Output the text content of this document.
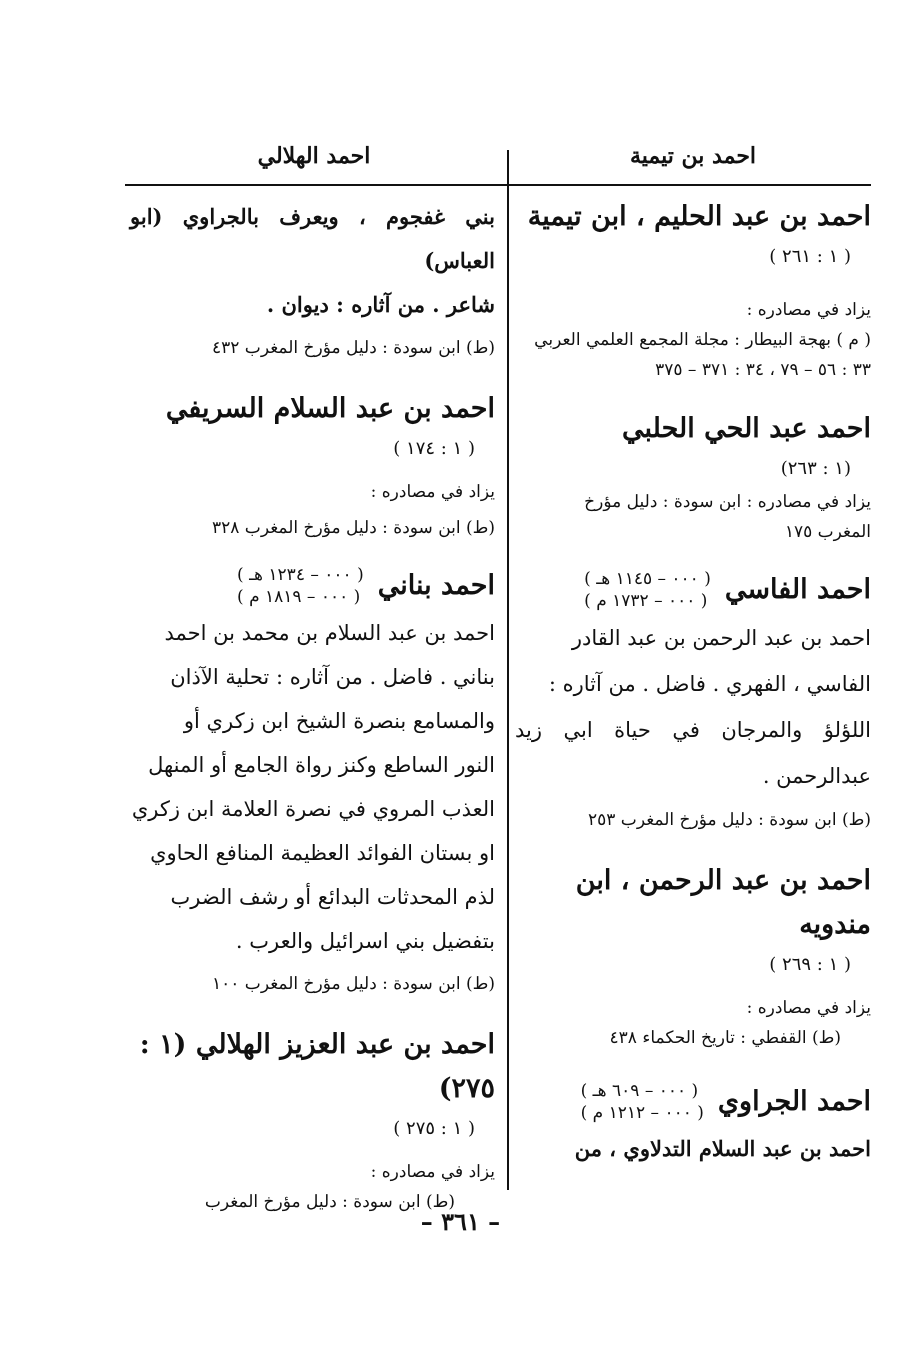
احمد بن تيمية
احمد الهلالي

احمد بن عبد الحليم ، ابن تيمية

( ١ : ٢٦١ )

يزاد في مصادره :

( م ) بهجة البيطار : مجلة المجمع العلمي العربي

٣٣ : ٥٦ – ٧٩ ، ٣٤ : ٣٧١ – ٣٧٥

احمد عبد الحي الحلبي

(١ : ٢٦٣)

يزاد في مصادره : ابن سودة : دليل مؤرخ

المغرب ١٧٥

احمد الفاسي

( ٠٠٠ – ١١٤٥ هـ )
( ٠٠٠ – ١٧٣٢ م )

احمد بن عبد الرحمن بن عبد القادر

الفاسي ، الفهري . فاضل . من آثاره :

اللؤلؤ والمرجان في حياة ابي زيد عبدالرحمن .

(ط) ابن سودة : دليل مؤرخ المغرب ٢٥٣

احمد بن عبد الرحمن ، ابن مندويه

( ١ : ٢٦٩ )

يزاد في مصادره :

(ط) القفطي : تاريخ الحكماء ٤٣٨

احمد الجراوي

( ٠٠٠ – ٦٠٩ هـ )
( ٠٠٠ – ١٢١٢ م )

احمد بن عبد السلام التدلاوي ، من

بني غفجوم ، ويعرف بالجراوي (ابو العباس)

شاعر . من آثاره : ديوان .

(ط) ابن سودة : دليل مؤرخ المغرب ٤٣٢

احمد بن عبد السلام السريفي

( ١ : ١٧٤ )

يزاد في مصادره :

(ط) ابن سودة : دليل مؤرخ المغرب ٣٢٨

احمد بناني

( ٠٠٠ – ١٢٣٤ هـ )
( ٠٠٠ – ١٨١٩ م )

احمد بن عبد السلام بن محمد بن احمد

بناني . فاضل . من آثاره : تحلية الآذان

والمسامع بنصرة الشيخ ابن زكري أو

النور الساطع وكنز رواة الجامع أو المنهل

العذب المروي في نصرة العلامة ابن زكري

او بستان الفوائد العظيمة المنافع الحاوي

لذم المحدثات البدائع أو رشف الضرب

بتفضيل بني اسرائيل والعرب .

(ط) ابن سودة : دليل مؤرخ المغرب ١٠٠

احمد بن عبد العزيز الهلالي (١ : ٢٧٥)

( ١ : ٢٧٥ )

يزاد في مصادره :

(ط) ابن سودة : دليل مؤرخ المغرب

– ٣٦١ –
